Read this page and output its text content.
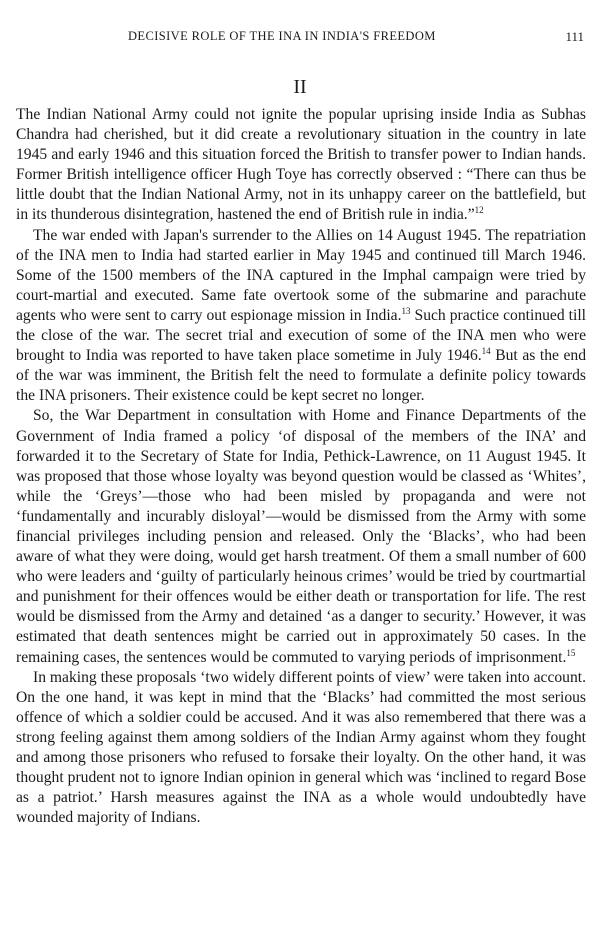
DECISIVE ROLE OF THE INA IN INDIA'S FREEDOM	111
II

The Indian National Army could not ignite the popular uprising inside India as Subhas Chandra had cherished, but it did create a revolutionary situation in the country in late 1945 and early 1946 and this situation forced the British to transfer power to Indian hands. Former British intelligence officer Hugh Toye has correctly observed : “There can thus be little doubt that the Indian National Army, not in its unhappy career on the battlefield, but in its thunderous disintegration, hastened the end of British rule in india.”$^{12}$

The war ended with Japan's surrender to the Allies on 14 August 1945. The repatriation of the INA men to India had started earlier in May 1945 and continued till March 1946. Some of the 1500 members of the INA captured in the Imphal campaign were tried by court-martial and executed. Same fate overtook some of the submarine and parachute agents who were sent to carry out espionage mission in India.$^{13}$ Such practice continued till the close of the war. The secret trial and execution of some of the INA men who were brought to India was reported to have taken place sometime in July 1946.14 But as the end of the war was imminent, the British felt the need to formulate a definite policy towards the INA prisoners. Their existence could be kept secret no longer.

So, the War Department in consultation with Home and Finance Departments of the Government of India framed a policy ‘of disposal of the members of the INA’ and forwarded it to the Secretary of State for India, Pethick-Lawrence, on 11 August 1945. It was proposed that those whose loyalty was beyond question would be classed as ‘Whites’, while the ‘Greys’—those who had been misled by propaganda and were not ‘fundamentally and incurably disloyal’—would be dismissed from the Army with some financial privileges including pension and released. Only the ‘Blacks’, who had been aware of what they were doing, would get harsh treatment. Of them a small number of 600 who were leaders and ‘guilty of particularly heinous crimes’ would be tried by courtmartial and punishment for their offences would be either death or transportation for life. The rest would be dismissed from the Army and detained ‘as a danger to security.’ However, it was estimated that death sentences might be carried out in approximately 50 cases. In the remaining cases, the sentences would be commuted to varying periods of imprisonment.$^{15}$

In making these proposals ‘two widely different points of view’ were taken into account. On the one hand, it was kept in mind that the ‘Blacks’ had committed the most serious offence of which a soldier could be accused. And it was also remembered that there was a strong feeling against them among soldiers of the Indian Army against whom they fought and among those prisoners who refused to forsake their loyalty. On the other hand, it was thought prudent not to ignore Indian opinion in general which was ‘inclined to regard Bose as a patriot.’ Harsh measures against the INA as a whole would undoubtedly have wounded majority of Indians.
